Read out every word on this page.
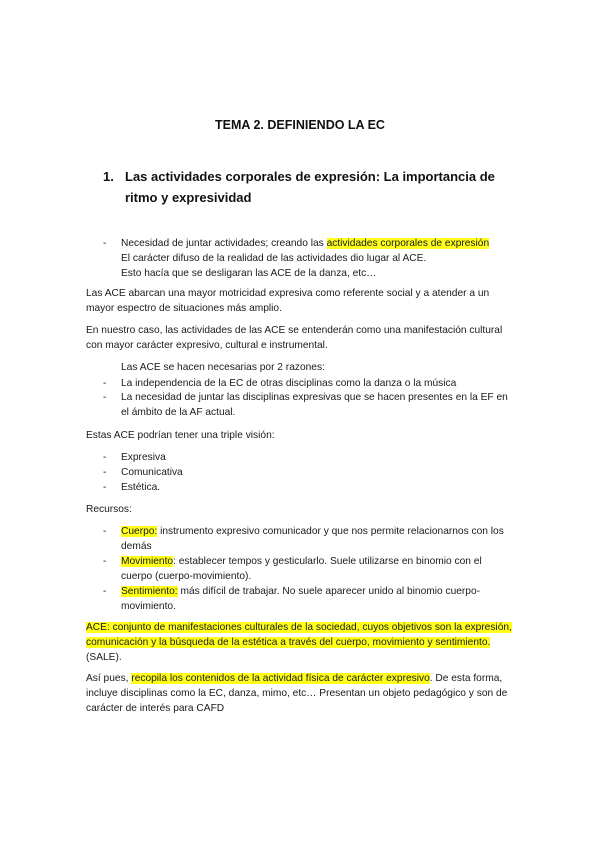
TEMA 2. DEFINIENDO LA EC
1. Las actividades corporales de expresión: La importancia de ritmo y expresividad
- Necesidad de juntar actividades; creando las actividades corporales de expresión
El carácter difuso de la realidad de las actividades dio lugar al ACE.
Esto hacía que se desligaran las ACE de la danza, etc…
Las ACE abarcan una mayor motricidad expresiva como referente social y a atender a un mayor espectro de situaciones más amplio.
En nuestro caso, las actividades de las ACE se entenderán como una manifestación cultural con mayor carácter expresivo, cultural e instrumental.
Las ACE se hacen necesarias por 2 razones:
- La independencia de la EC de otras disciplinas como la danza o la música
- La necesidad de juntar las disciplinas expresivas que se hacen presentes en la EF en el ámbito de la AF actual.
Estas ACE podrían tener una triple visión:
- Expresiva
- Comunicativa
- Estética.
Recursos:
- Cuerpo: instrumento expresivo comunicador y que nos permite relacionarnos con los demás
- Movimiento: establecer tempos y gesticularlo. Suele utilizarse en binomio con el cuerpo (cuerpo-movimiento).
- Sentimiento: más difícil de trabajar. No suele aparecer unido al binomio cuerpo-movimiento.
ACE: conjunto de manifestaciones culturales de la sociedad, cuyos objetivos son la expresión,
comunicación y la búsqueda de la estética a través del cuerpo, movimiento y sentimiento.
(SALE).
Así pues, recopila los contenidos de la actividad física de carácter expresivo. De esta forma,
incluye disciplinas como la EC, danza, mimo, etc… Presentan un objeto pedagógico y son de
carácter de interés para CAFD
